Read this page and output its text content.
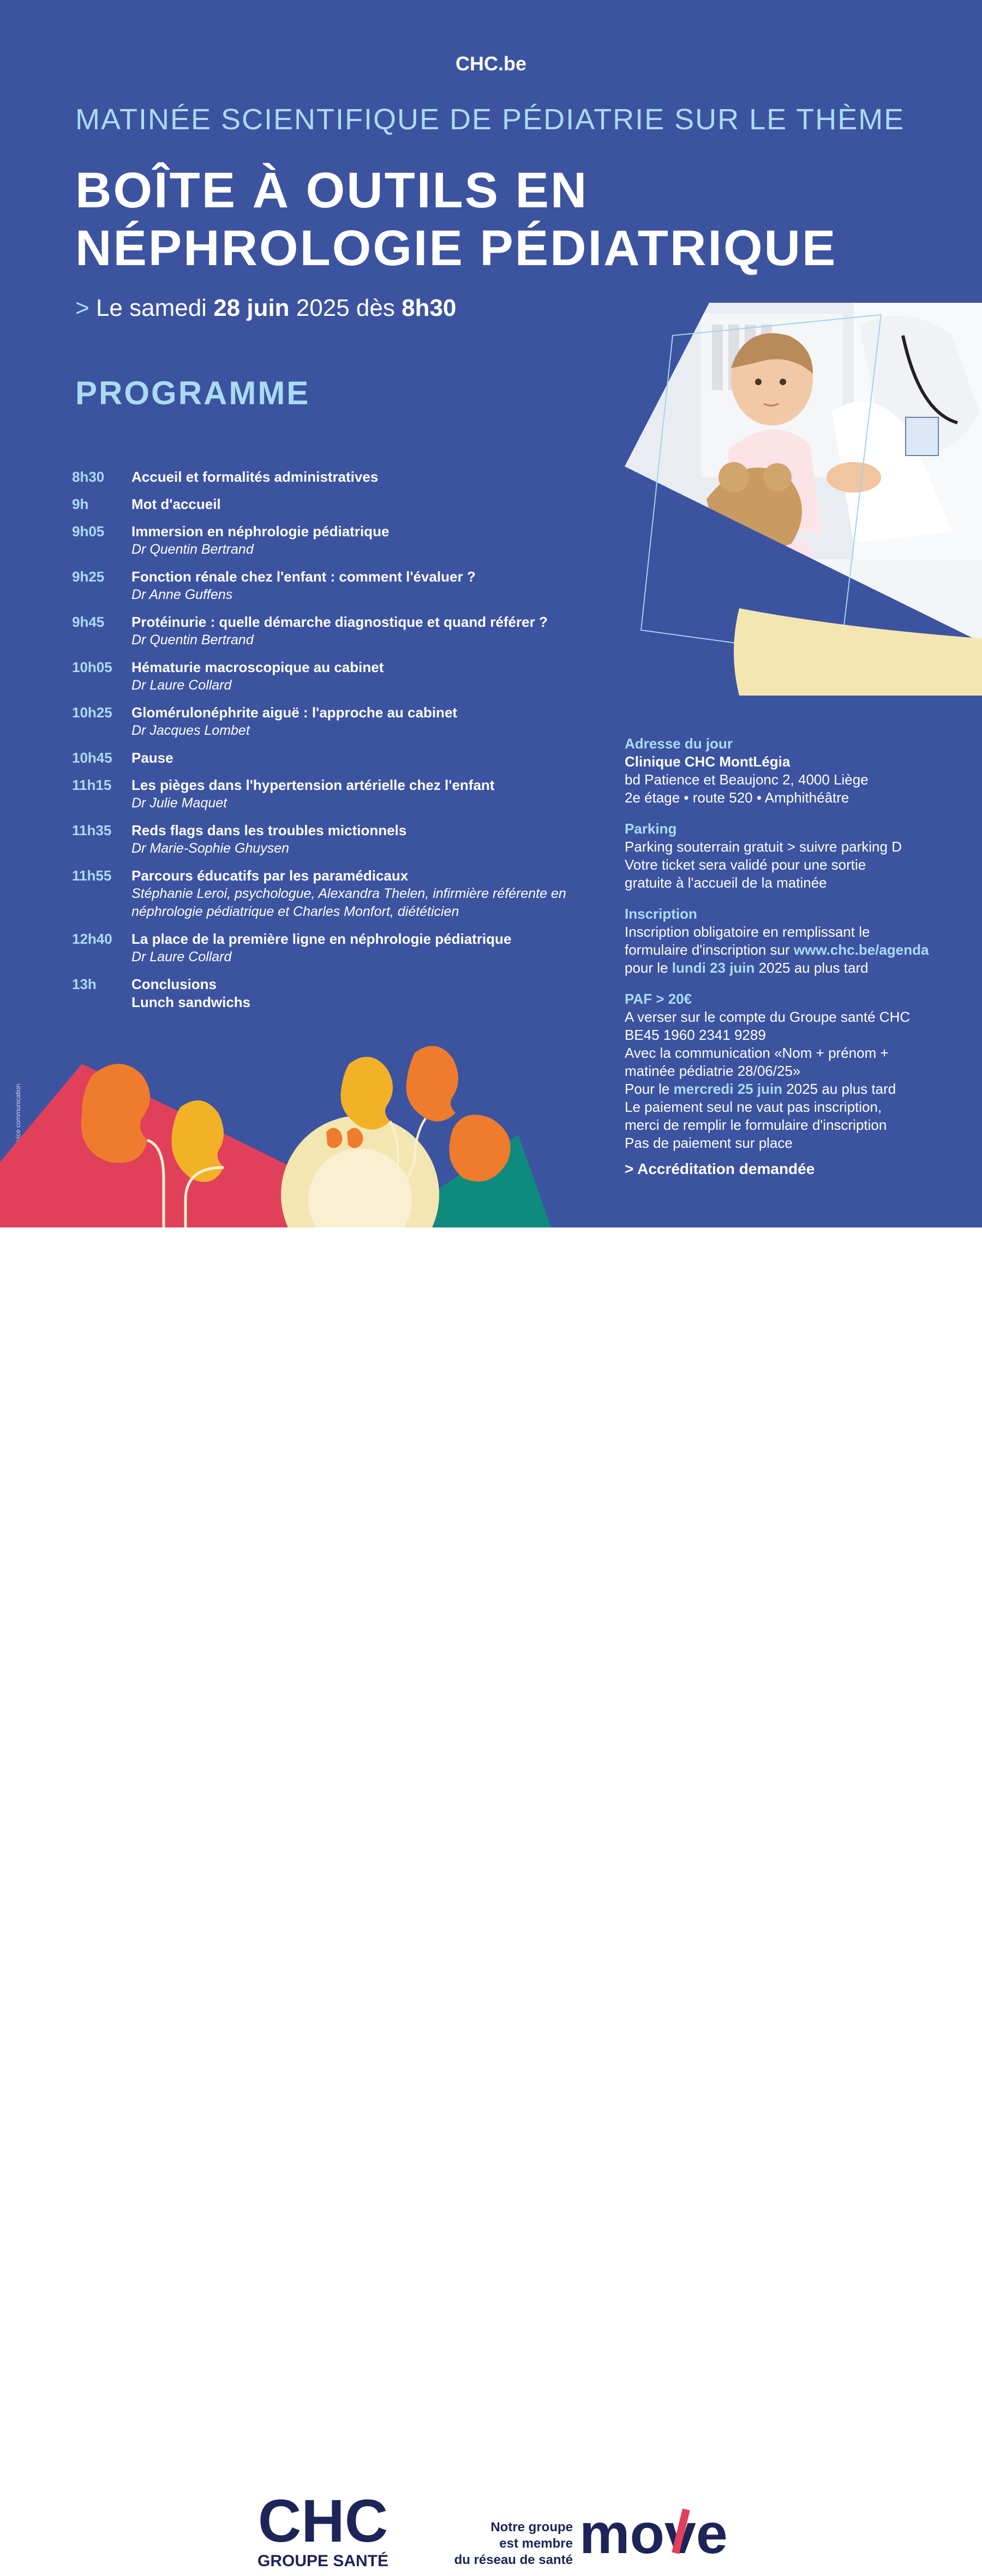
CHC.be
MATINÉE SCIENTIFIQUE DE PÉDIATRIE SUR LE THÈME
BOÎTE À OUTILS EN
NÉPHROLOGIE PÉDIATRIQUE
> Le samedi 28 juin 2025 dès 8h30
PROGRAMME
8h30	Accueil et formalités administratives
9h	Mot d'accueil
9h05	Immersion en néphrologie pédiatrique
Dr Quentin Bertrand
9h25	Fonction rénale chez l'enfant : comment l'évaluer ?
Dr Anne Guffens
9h45	Protéinurie : quelle démarche diagnostique et quand référer ?
Dr Quentin Bertrand
10h05	Hématurie macroscopique au cabinet
Dr Laure Collard
10h25	Glomérulonéphrite aiguë : l'approche au cabinet
Dr Jacques Lombet
10h45	Pause
11h15	Les pièges dans l'hypertension artérielle chez l'enfant
Dr Julie Maquet
11h35	Reds flags dans les troubles mictionnels
Dr Marie-Sophie Ghuysen
11h55	Parcours éducatifs par les paramédicaux
Stéphanie Leroi, psychologue, Alexandra Thelen, infirmière référente en néphrologie pédiatrique et Charles Monfort, diététicien
12h40	La place de la première ligne en néphrologie pédiatrique
Dr Laure Collard
13h	Conclusions
Lunch sandwichs
Adresse du jour

Clinique CHC MontLégia

bd Patience et Beaujonc 2, 4000 Liège

2e étage • route 520 • Amphithéâtre

Parking

Parking souterrain gratuit > suivre parking D

Votre ticket sera validé pour une sortie

gratuite à l'accueil de la matinée

Inscription

Inscription obligatoire en remplissant le

formulaire d'inscription sur www.chc.be/agenda

pour le lundi 23 juin 2025 au plus tard

PAF > 20€

A verser sur le compte du Groupe santé CHC

BE45 1960 2341 9289

Avec la communication «Nom + prénom +

matinée pédiatrie 28/06/25»

Pour le mercredi 25 juin 2025 au plus tard

Le paiement seul ne vaut pas inscription,

merci de remplir le formulaire d'inscription

Pas de paiement sur place

> Accréditation demandée

© CHC/service communication
CHC
GROUPE SANTÉ
Notre groupe
est membre
du réseau de santé move
